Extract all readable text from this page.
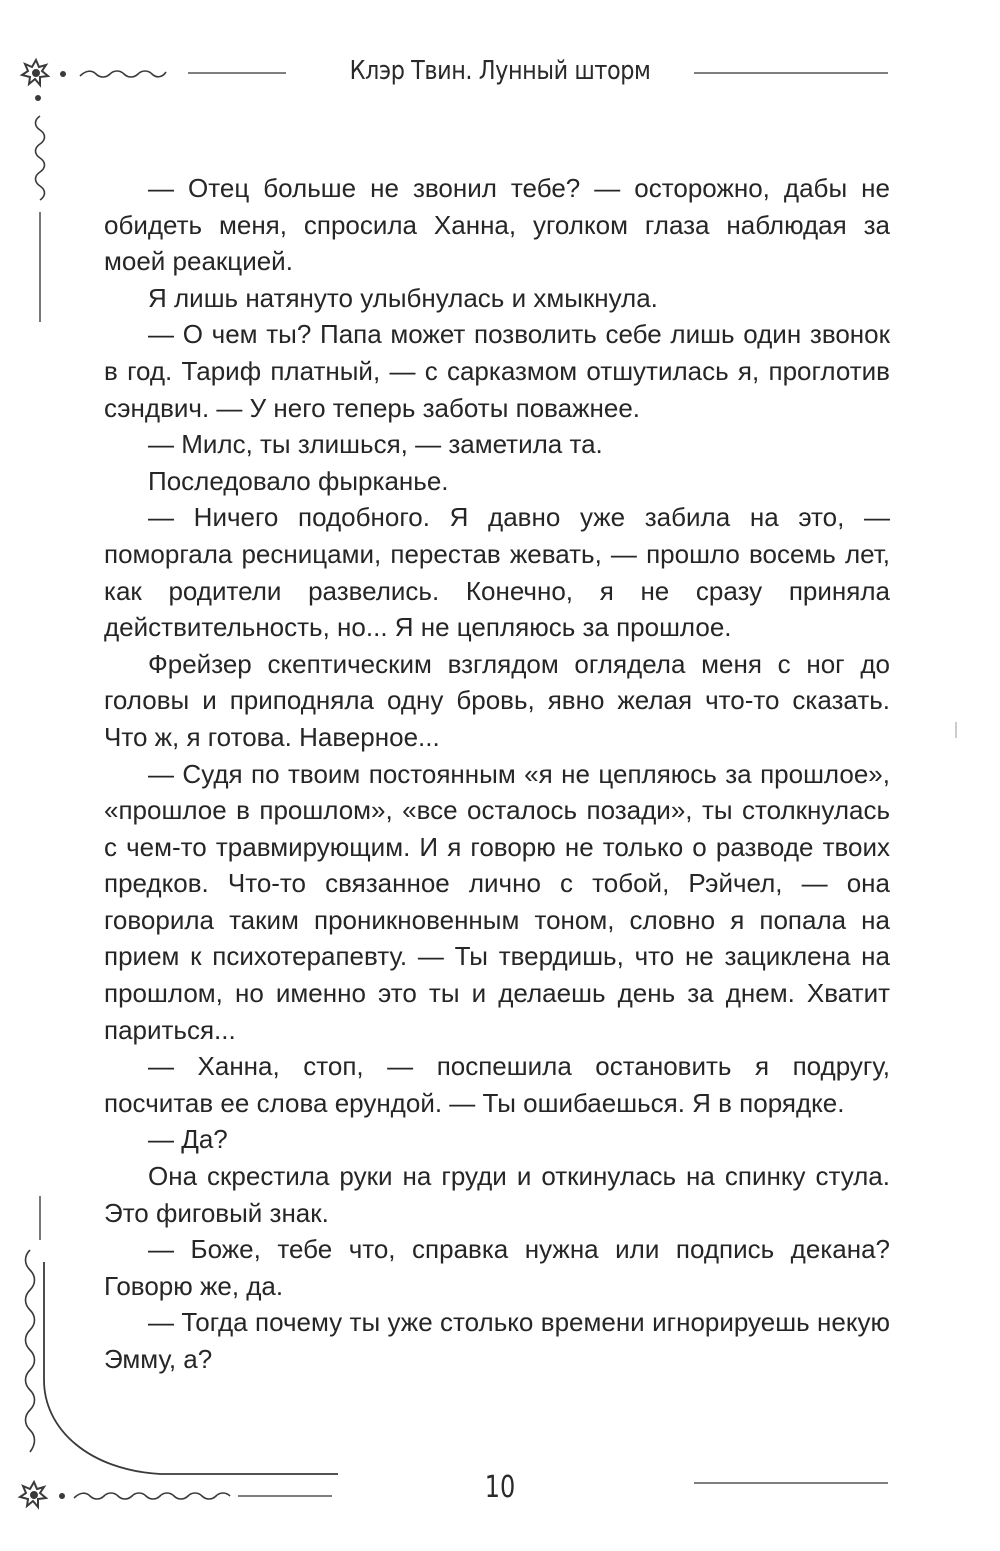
Клэр Твин. Лунный шторм

— Отец больше не звонил тебе? — осторожно, дабы не обидеть меня, спросила Ханна, уголком глаза наблюдая за моей реакцией.

Я лишь натянуто улыбнулась и хмыкнула.

— О чем ты? Папа может позволить себе лишь один звонок в год. Тариф платный, — с сарказмом отшутилась я, проглотив сэндвич. — У него теперь заботы поважнее.

— Милс, ты злишься, — заметила та.

Последовало фырканье.

— Ничего подобного. Я давно уже забила на это, — поморгала ресницами, перестав жевать, — прошло восемь лет, как родители развелись. Конечно, я не сразу приняла действительность, но... Я не цепляюсь за прошлое.

Фрейзер скептическим взглядом оглядела меня с ног до головы и приподняла одну бровь, явно желая что-то сказать. Что ж, я готова. Наверное...

— Судя по твоим постоянным «я не цепляюсь за прошлое», «прошлое в прошлом», «все осталось позади», ты столкнулась с чем-то травмирующим. И я говорю не только о разводе твоих предков. Что-то связанное лично с тобой, Рэйчел, — она говорила таким проникновенным тоном, словно я попала на прием к психотерапевту. — Ты твердишь, что не зациклена на прошлом, но именно это ты и делаешь день за днем. Хватит париться...

— Ханна, стоп, — поспешила остановить я подругу, посчитав ее слова ерундой. — Ты ошибаешься. Я в порядке.

— Да?

Она скрестила руки на груди и откинулась на спинку стула. Это фиговый знак.

— Боже, тебе что, справка нужна или подпись декана? Говорю же, да.

— Тогда почему ты уже столько времени игнорируешь некую Эмму, а?

10
